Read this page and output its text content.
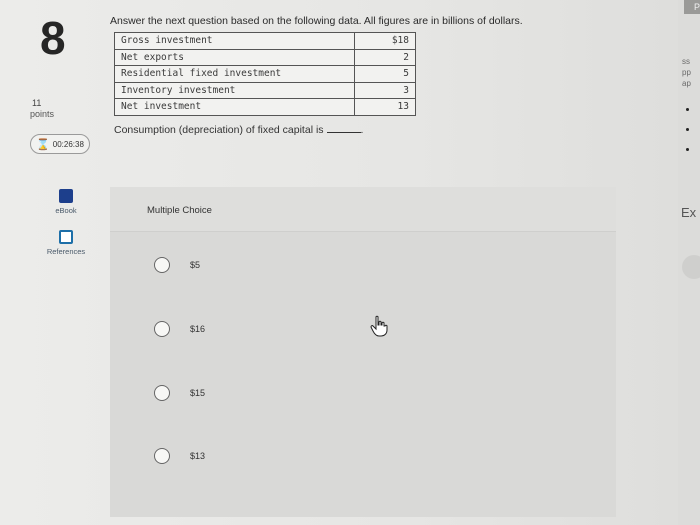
8
11
points
⌛ 00:26:38
eBook
References
Answer the next question based on the following data. All figures are in billions of dollars.
Gross investment	$18
Net exports	2
Residential fixed investment	5
Inventory investment	3
Net investment	13
Consumption (depreciation) of fixed capital is	.
Multiple Choice
$5
$16
$15
$13
P
ss
pp
ap
Ex
